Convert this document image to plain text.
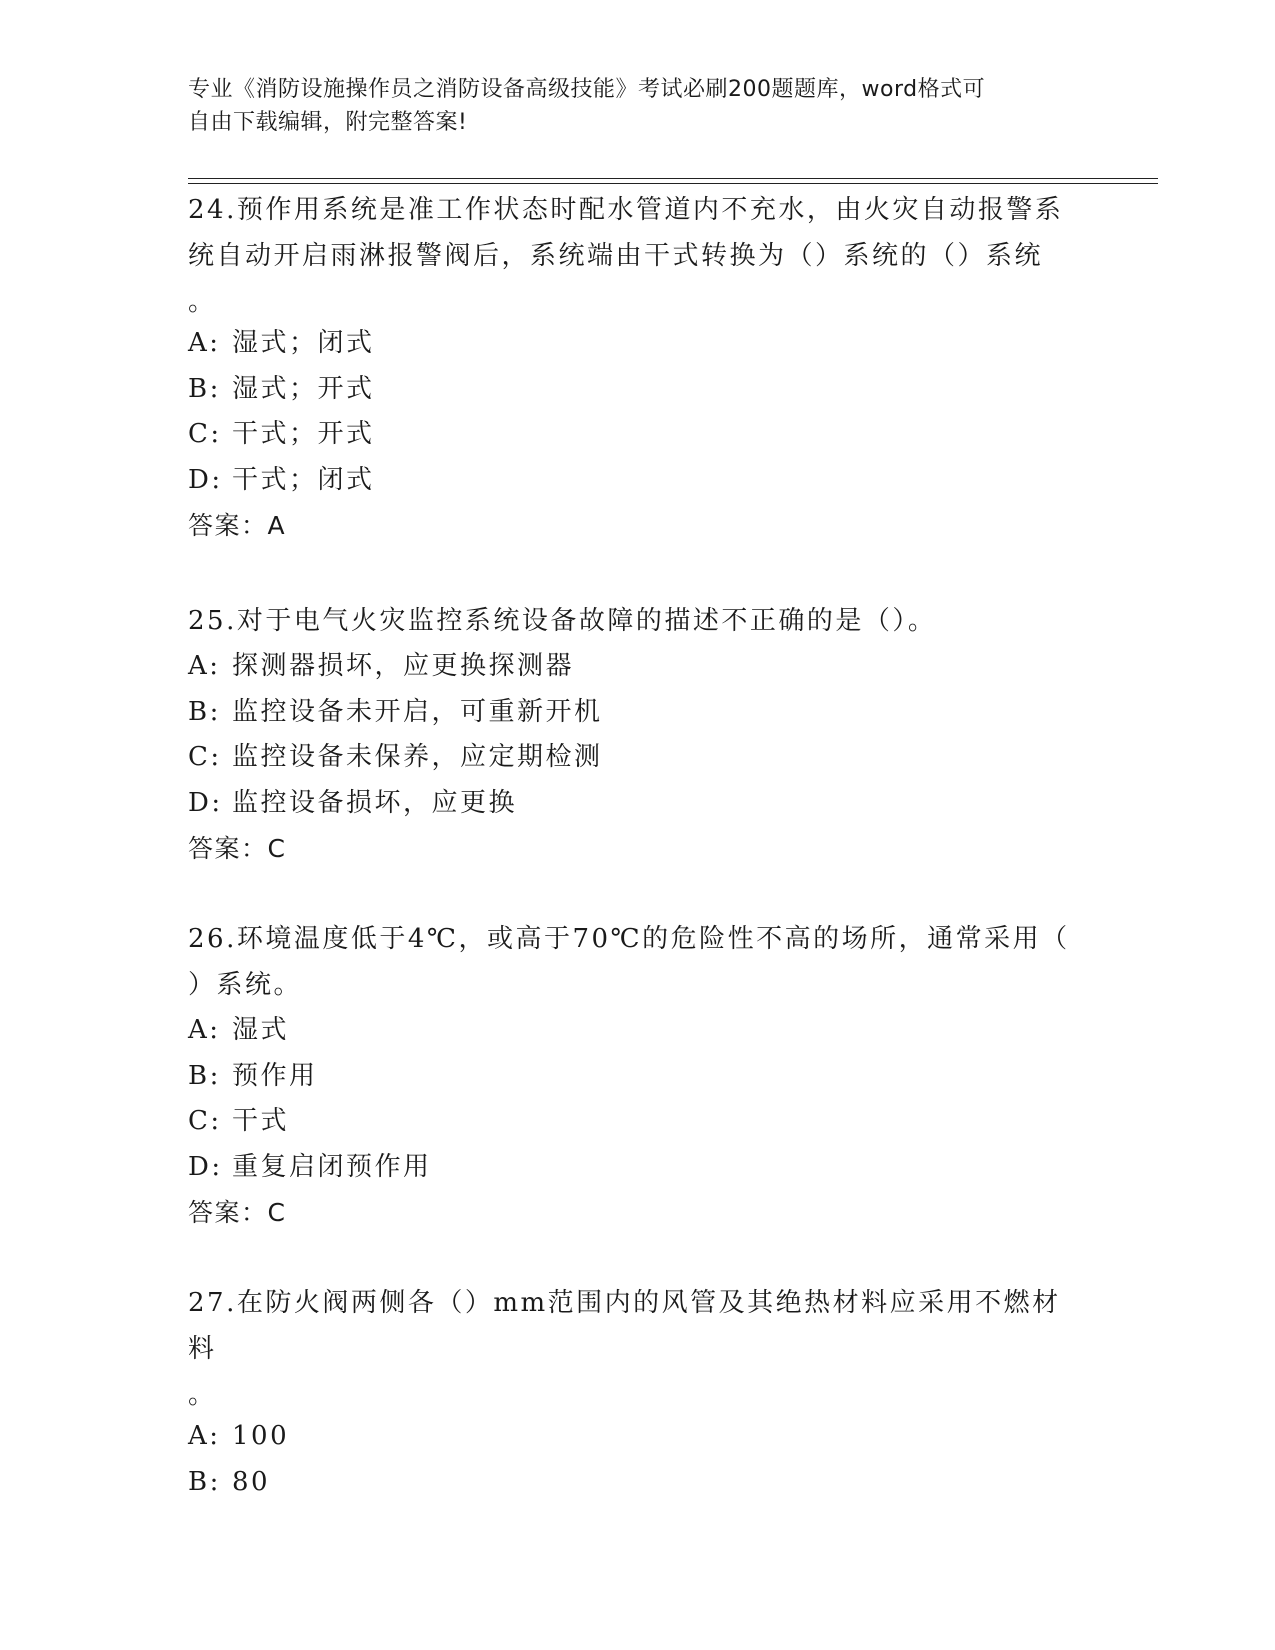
专业《消防设施操作员之消防设备高级技能》考试必刷200题题库，word格式可
自由下载编辑，附完整答案!
24.预作用系统是准工作状态时配水管道内不充水，由火灾自动报警系
统自动开启雨淋报警阀后，系统端由干式转换为（）系统的（）系统
。
A: 湿式；闭式
B: 湿式；开式
C: 干式；开式
D: 干式；闭式
答案：A
25.对于电气火灾监控系统设备故障的描述不正确的是（）。
A: 探测器损坏，应更换探测器
B: 监控设备未开启，可重新开机
C: 监控设备未保养，应定期检测
D: 监控设备损坏，应更换
答案：C
26.环境温度低于4℃，或高于70℃的危险性不高的场所，通常采用（
）系统。
A: 湿式
B: 预作用
C: 干式
D: 重复启闭预作用
答案：C
27.在防火阀两侧各（）mm范围内的风管及其绝热材料应采用不燃材料
。
A: 100
B: 80
